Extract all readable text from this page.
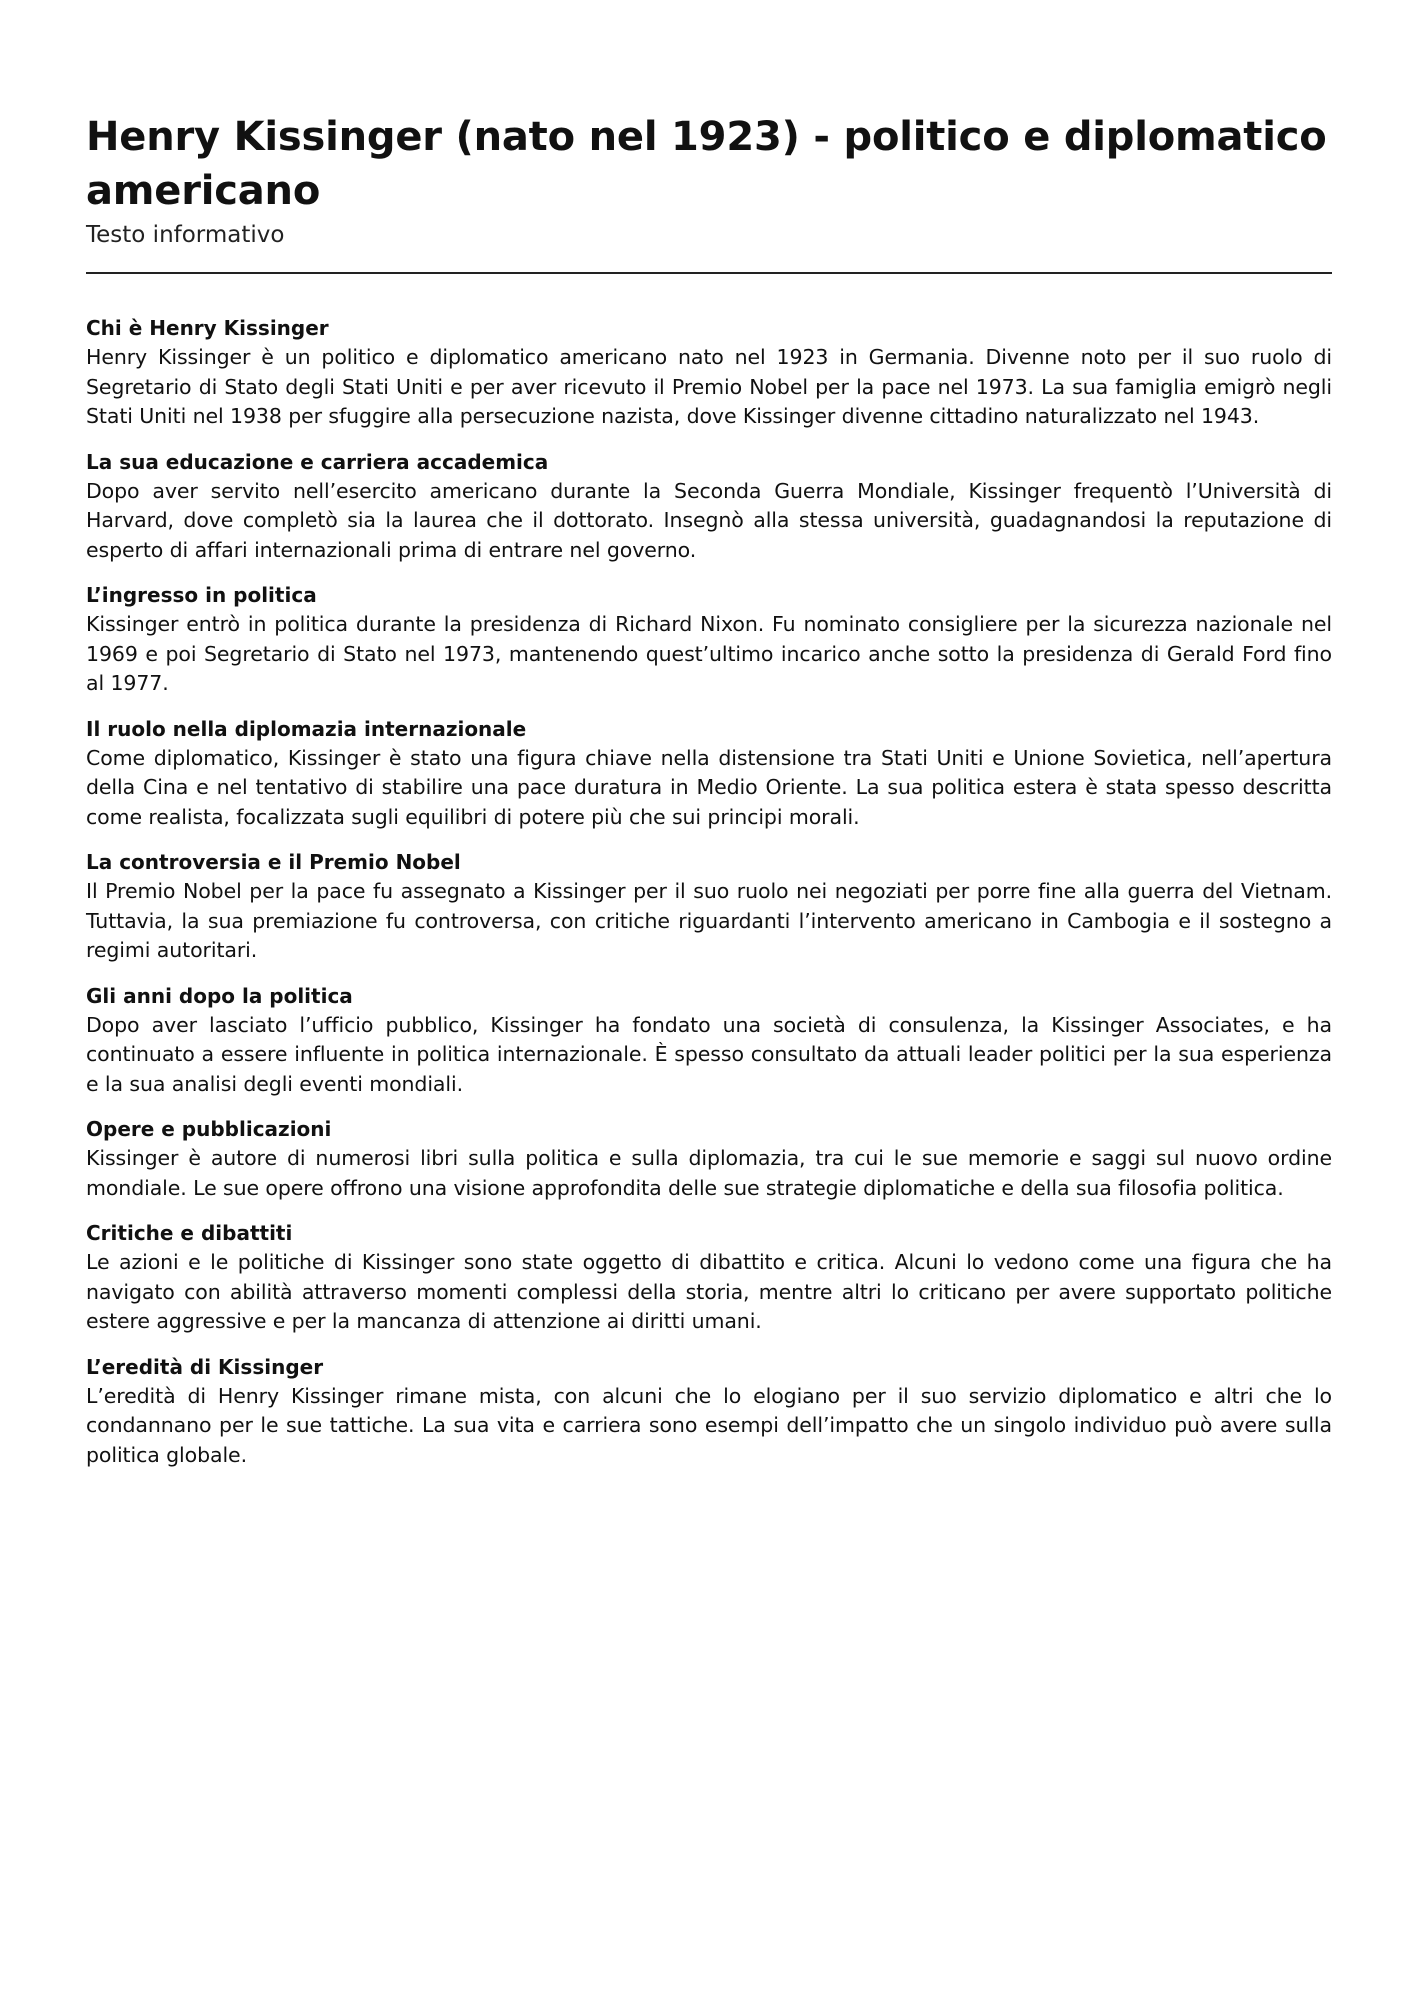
Henry Kissinger (nato nel 1923) - politico e diplomatico americano

Testo informativo

Chi è Henry Kissinger

Henry Kissinger è un politico e diplomatico americano nato nel 1923 in Germania. Divenne noto per il suo ruolo di Segretario di Stato degli Stati Uniti e per aver ricevuto il Premio Nobel per la pace nel 1973. La sua famiglia emigrò negli Stati Uniti nel 1938 per sfuggire alla persecuzione nazista, dove Kissinger divenne cittadino naturalizzato nel 1943.

La sua educazione e carriera accademica

Dopo aver servito nell’esercito americano durante la Seconda Guerra Mondiale, Kissinger frequentò l’Università di Harvard, dove completò sia la laurea che il dottorato. Insegnò alla stessa università, guadagnandosi la reputazione di esperto di affari internazionali prima di entrare nel governo.

L’ingresso in politica

Kissinger entrò in politica durante la presidenza di Richard Nixon. Fu nominato consigliere per la sicurezza nazionale nel 1969 e poi Segretario di Stato nel 1973, mantenendo quest’ultimo incarico anche sotto la presidenza di Gerald Ford fino al 1977.

Il ruolo nella diplomazia internazionale

Come diplomatico, Kissinger è stato una figura chiave nella distensione tra Stati Uniti e Unione Sovietica, nell’apertura della Cina e nel tentativo di stabilire una pace duratura in Medio Oriente. La sua politica estera è stata spesso descritta come realista, focalizzata sugli equilibri di potere più che sui principi morali.

La controversia e il Premio Nobel

Il Premio Nobel per la pace fu assegnato a Kissinger per il suo ruolo nei negoziati per porre fine alla guerra del Vietnam. Tuttavia, la sua premiazione fu controversa, con critiche riguardanti l’intervento americano in Cambogia e il sostegno a regimi autoritari.

Gli anni dopo la politica

Dopo aver lasciato l’ufficio pubblico, Kissinger ha fondato una società di consulenza, la Kissinger Associates, e ha continuato a essere influente in politica internazionale. È spesso consultato da attuali leader politici per la sua esperienza e la sua analisi degli eventi mondiali.

Opere e pubblicazioni

Kissinger è autore di numerosi libri sulla politica e sulla diplomazia, tra cui le sue memorie e saggi sul nuovo ordine mondiale. Le sue opere offrono una visione approfondita delle sue strategie diplomatiche e della sua filosofia politica.

Critiche e dibattiti

Le azioni e le politiche di Kissinger sono state oggetto di dibattito e critica. Alcuni lo vedono come una figura che ha navigato con abilità attraverso momenti complessi della storia, mentre altri lo criticano per avere supportato politiche estere aggressive e per la mancanza di attenzione ai diritti umani.

L’eredità di Kissinger

L’eredità di Henry Kissinger rimane mista, con alcuni che lo elogiano per il suo servizio diplomatico e altri che lo condannano per le sue tattiche. La sua vita e carriera sono esempi dell’impatto che un singolo individuo può avere sulla politica globale.
